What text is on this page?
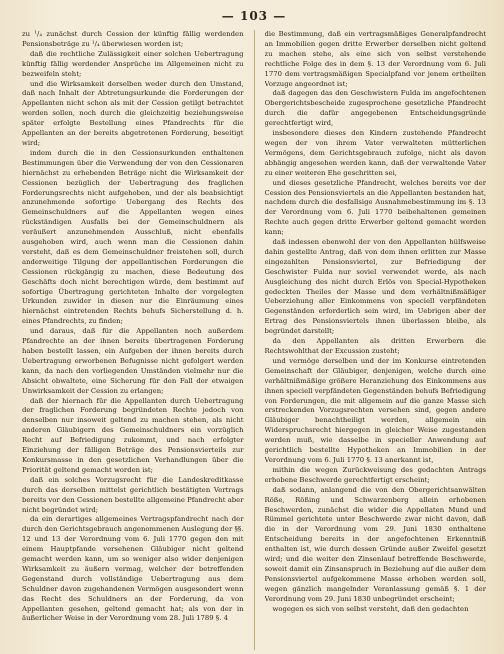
— 103 —

zu ¹/₄ zunächst durch Cession der künftig fällig werdenden Pensionsbeträge zu ¹/₄ überwiesen worden ist;

daß die rechtliche Zulässigkeit einer solchen Uebertragung künftig fällig werdender Ansprüche im Allgemeinen nicht zu bezweifeln steht;

und die Wirksamkeit derselben weder durch den Umstand, daß nach Inhalt der Abtretungsurkunde die Forderungen der Appellanten nicht schon als mit der Cession getilgt betrachtet werden sollen, noch durch die gleichzeitig beziehungsweise später erfolgte Bestellung eines Pfandrechts für die Appellanten an der bereits abgetretenen Forderung, beseitigt wird;

indem durch die in den Cessionsurkunden enthaltenen Bestimmungen über die Verwendung der von den Cessionaren hiernächst zu erhebenden Beträge nicht die Wirksamkeit der Cessionen bezüglich der Uebertragung des fraglichen Forderungsrechts nicht aufgehoben, und der als beabsichtigt anzunehmende sofortige Uebergang des Rechts des Gemeinschuldners auf die Appellanten wegen eines rückständigen Ausfalls bei der Gemeinschuldnern als veräußert anzunehmenden Ausschluß, nicht ebenfalls ausgehoben wird, auch wenn man die Cessionen dahin versteht, daß es dem Gemeinschuldner freistehen soll, durch anderweitige Tilgung der appellantischen Forderungen die Cessionen rückgängig zu machen, diese Bedeutung des Geschäfts doch nicht berechtigen würde, dem bestimmt auf sofortige Übertragung gerichteten Inhalte der vorgelegten Urkunden zuwider in diesen nur die Einräumung eines hiernächst eintretenden Rechts behufs Sicherstellung d. h. eines Pfandrechts, zu finden;

und daraus, daß für die Appellanten noch außerdem Pfandrechte an der ihnen bereits übertragenen Forderung haben bestellt lassen, ein Aufgeben der ihnen bereits durch Uebertragung erworbenen Befugnisse nicht gefolgert werden kann, da nach den vorliegenden Umständen vielmehr nur die Absicht obwaltete, eine Sicherung für den Fall der etwaigen Unwirksamkeit der Cession zu erlangen;

daß der hiernach für die Appellanten durch Uebertragung der fraglichen Forderung begründeten Rechte jedoch von denselben nur insoweit geltend zu machen stehen, als nicht anderen Gläubigern des Gemeinschuldners ein vorzüglich Recht auf Befriedigung zukommt, und nach erfolgter Einziehung der fälligen Beträge des Pensionsvierteils zur Konkursmasse in den gesetzlichen Verhandlungen über die Priorität geltend gemacht worden ist;

daß ein solches Vorzugsrecht für die Landeskreditkasse durch das derselben mittelst gerichtlich bestätigten Vertrags bereits vor den Cessionen bestellte allgemeine Pfandrecht aber nicht begründet wird;

da ein derartiges allgemeines Vertragspfandrecht nach der durch den Gerichtsgebrauch angenommenen Auslegung der §§. 12 und 13 der Verordnung vom 6. Juli 1770 gegen den mit einem Hauptpfande versehenen Gläubiger nicht geltend gemacht werden kann, um so weniger also wider denjenigen Wirksamkeit zu äußern vermag, welcher der betreffenden Gegenstand durch vollständige Uebertragung aus dem Schuldner davon zugehandenen Vermögen ausgesondert wenn das Recht des Schuldners an der Forderung, da von Appellanten gesehen, geltend gemacht hat; als von der in äußerlicher Weise in der Verordnung vom 28. Juli 1789 §. 4

die Bestimmung, daß ein vertragsmäßiges Generalpfandrecht an Immobilien gegen dritte Erwerber derselben nicht geltend zu machen stehe, als eine sich von selbst verstehende rechtliche Folge des in dem §. 13 der Verordnung vom 6. Juli 1770 dem vertragsmäßigen Specialpfand vor jenem ertheilten Vorzuge angeordnet ist;

daß dagegen das den Geschwistern Fulda im angefochtenen Obergerichtsbescheide zugesprochene gesetzliche Pfandrecht durch die dafür angegebenen Entscheidungsgründe gerechtfertigt wird,

insbesondere dieses den Kindern zustehende Pfandrecht wegen der von ihrem Vater verwalteten mütterlichen Vermögens, dem Gerichtsgebrauch zufolge, nicht als davon abhängig angesehen werden kann, daß der verwaltende Vater zu einer weiteren Ehe geschritten sei,

und dieses gesetzliche Pfandrecht, welches bereits vor der Cession des Pensionsviertels an die Appellanten bestanden hat, nachdem durch die desfallsige Ausnahmebestimmung im §. 13 der Verordnung vom 6. Juli 1770 beibehaltenen gemeinen Rechte auch gegen dritte Erwerber geltend gemacht werden kann;

daß indessen ebenwohl der von den Appellanten hülfsweise dahin gestellte Antrag, daß von dem ihnen erlitten zur Masse eingezahlten Pensionsviertel, zur Befriedigung der Geschwister Fulda nur soviel verwendet werde, als nach Ausgleichung des nicht durch Erlös von Special-Hypotheken gedeckten Theiles der Masse und dem verhältnißmäßiger Ueberziehung aller Einkommens von speciell verpfändeten Gegenständen erforderlich sein wird, im Uebrigen aber der Ertrag des Pensionsviertels ihnen überlassen bleibe, als begründet darstellt;

da den Appellanten als dritten Erwerbern die Rechtswohlthat der Excussion zusteht;

und vermöge derselben und der im Konkurse eintretenden Gemeinschaft der Gläubiger, denjenigen, welche durch eine verhältnißmäßige größere Heranziehung des Einkommens aus ihnen speciell verpfändeten Gegenständen behufs Befriedigung von Forderungen, die mit allgemein auf die ganze Masse sich erstreckenden Vorzugsrechten versehen sind, gegen andere Gläubiger benachtheiligt werden, allgemein ein Widerspruchsrecht hiergegen in gleicher Weise zugestanden werden muß, wie dasselbe in specieller Anwendung auf gerichtlich bestellte Hypotheken an Immobilien in der Verordnung vom 6. Juli 1770 §. 13 anerkannt ist,

mithin die wegen Zurückweisung des gedachten Antrags erhobene Beschwerde gerechtfertigt erscheint;

daß sodann, anlangend die von den Obergerichtsanwälten Röße, Rößing und Schwarzenberg allein erhobenen Beschwerden, zunächst die wider die Appellaten Mund und Rümmel gerichtete unter Beschwerde zwar nicht davon, daß die in der Verordnung vom 29. Juni 1830 enthaltene Entscheidung bereits in der angefochtenen Erkenntniß enthalten ist, wie durch dessen Gründe außer Zweifel gesetzt wird; und die weiter den Zinsenlauf betreffende Beschwerde, soweit damit ein Zinsanspruch in Beziehung auf die außer dem Pensionsviertel aufgekommene Masse erhoben werden soll, wegen gänzlich mangelnder Veranlassung gemäß §. 1 der Verordnung vom 29. Juni 1830 unbegründet erscheint;

wogegen es sich von selbst versteht, daß den gedachten
